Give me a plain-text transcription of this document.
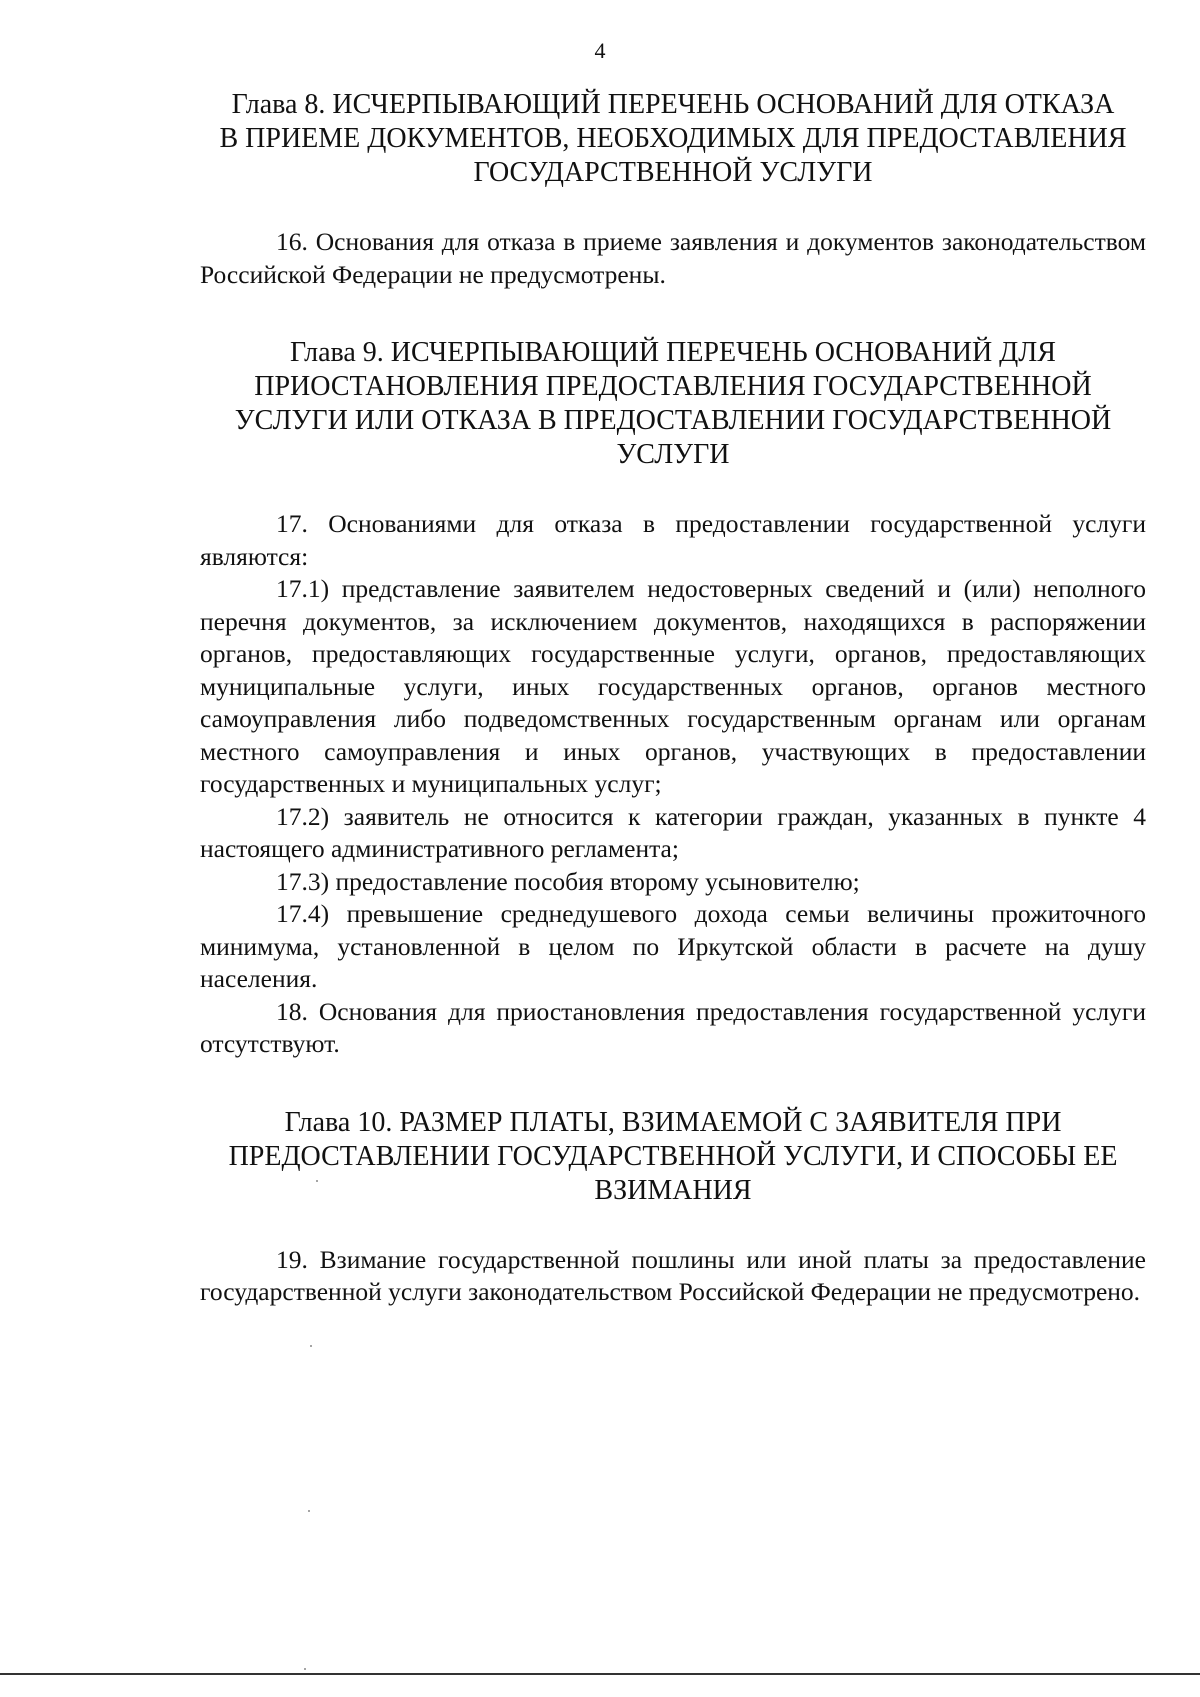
4
Глава 8. ИСЧЕРПЫВАЮЩИЙ ПЕРЕЧЕНЬ ОСНОВАНИЙ ДЛЯ ОТКАЗА
В ПРИЕМЕ ДОКУМЕНТОВ, НЕОБХОДИМЫХ ДЛЯ ПРЕДОСТАВЛЕНИЯ
ГОСУДАРСТВЕННОЙ УСЛУГИ

16. Основания для отказа в приеме заявления и документов законодательством Российской Федерации не предусмотрены.

Глава 9. ИСЧЕРПЫВАЮЩИЙ ПЕРЕЧЕНЬ ОСНОВАНИЙ ДЛЯ
ПРИОСТАНОВЛЕНИЯ ПРЕДОСТАВЛЕНИЯ ГОСУДАРСТВЕННОЙ
УСЛУГИ ИЛИ ОТКАЗА В ПРЕДОСТАВЛЕНИИ ГОСУДАРСТВЕННОЙ
УСЛУГИ

17. Основаниями для отказа в предоставлении государственной услуги являются:

17.1) представление заявителем недостоверных сведений и (или) неполного перечня документов, за исключением документов, находящихся в распоряжении органов, предоставляющих государственные услуги, органов, предоставляющих муниципальные услуги, иных государственных органов, органов местного самоуправления либо подведомственных государственным органам или органам местного самоуправления и иных органов, участвующих в предоставлении государственных и муниципальных услуг;

17.2) заявитель не относится к категории граждан, указанных в пункте 4 настоящего административного регламента;

17.3) предоставление пособия второму усыновителю;

17.4) превышение среднедушевого дохода семьи величины прожиточного минимума, установленной в целом по Иркутской области в расчете на душу населения.

18. Основания для приостановления предоставления государственной услуги отсутствуют.

Глава 10. РАЗМЕР ПЛАТЫ, ВЗИМАЕМОЙ С ЗАЯВИТЕЛЯ ПРИ
ПРЕДОСТАВЛЕНИИ ГОСУДАРСТВЕННОЙ УСЛУГИ, И СПОСОБЫ ЕЕ
ВЗИМАНИЯ

19. Взимание государственной пошлины или иной платы за предоставление государственной услуги законодательством Российской Федерации не предусмотрено.
